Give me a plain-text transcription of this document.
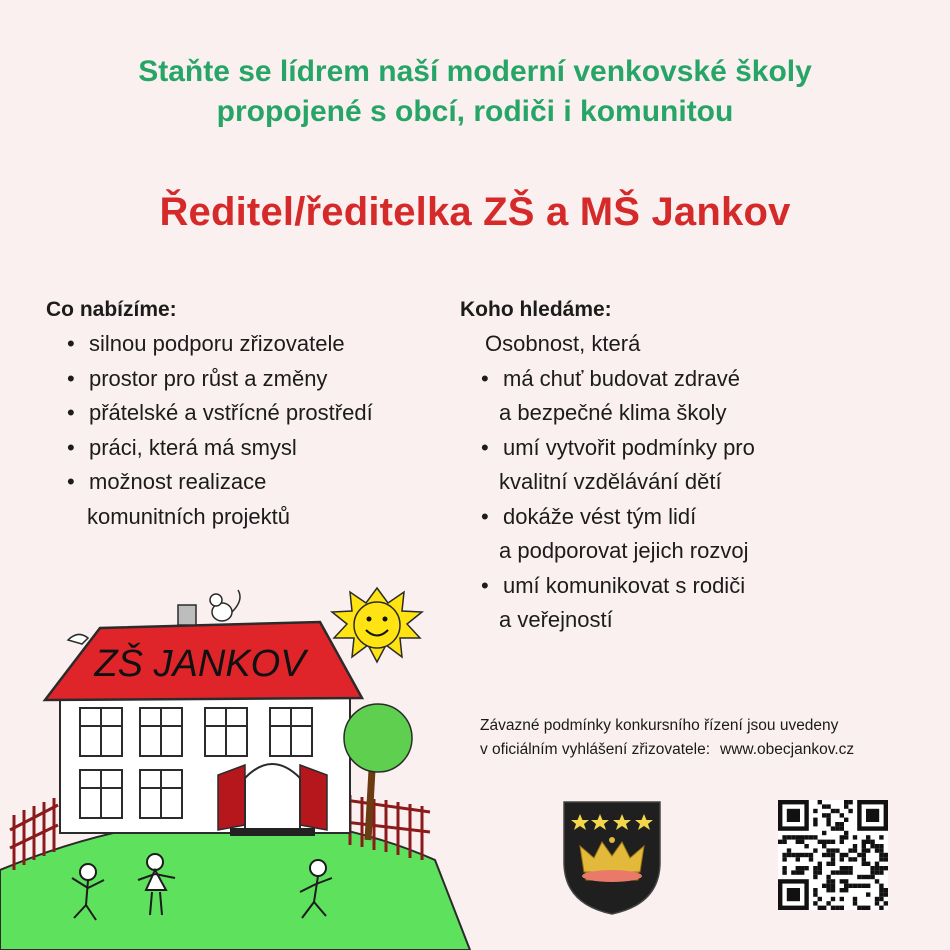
Staňte se lídrem naší moderní venkovské školy
propojené s obcí, rodiči i komunitou
Ředitel/ředitelka ZŠ a MŠ Jankov
Co nabízíme:
• silnou podporu zřizovatele
• prostor pro růst a změny
• přátelské a vstřícné prostředí
• práci, která má smysl
• možnost realizace
komunitních projektů
Koho hledáme:
Osobnost, která
• má chuť budovat zdravé
a bezpečné klima školy
• umí vytvořit podmínky pro
kvalitní vzdělávání dětí
• dokáže vést tým lidí
a podporovat jejich rozvoj
• umí komunikovat s rodiči
a veřejností
ZŠ JANKOV
Závazné podmínky konkursního řízení jsou uvedeny
v oficiálním vyhlášení zřizovatele: www.obecjankov.cz
